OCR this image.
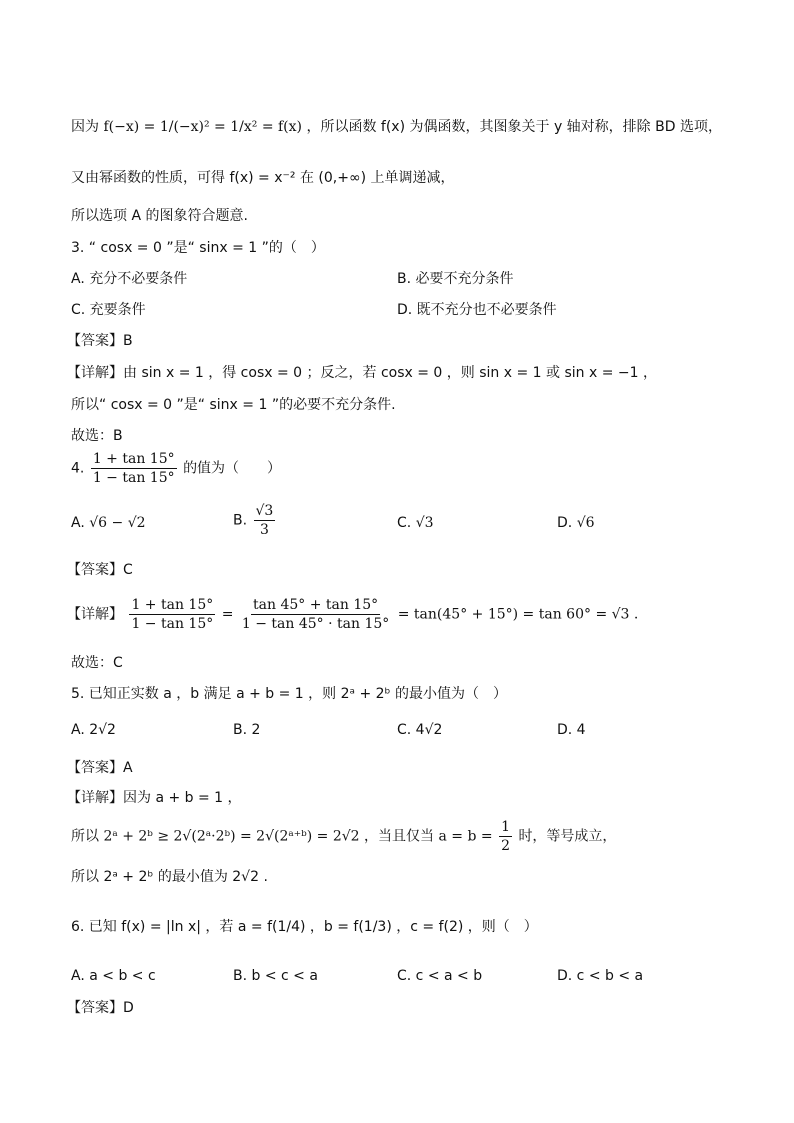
因为 f(−x) = 1/(−x)² = 1/x² = f(x) ，所以函数 f(x) 为偶函数，其图象关于 y 轴对称，排除 BD 选项，
又由幂函数的性质，可得 f(x) = x⁻² 在 (0,+∞) 上单调递减，
所以选项 A 的图象符合题意.
3. “ cosx = 0 ”是“ sinx = 1 ”的（　）
A. 充分不必要条件	B. 必要不充分条件
C. 充要条件	D. 既不充分也不必要条件
【答案】B
【详解】由 sin x = 1 ，得 cosx = 0 ；反之，若 cosx = 0 ，则 sin x = 1 或 sin x = −1 ，
所以“ cosx = 0 ”是“ sinx = 1 ”的必要不充分条件.
故选：B
4. $\frac{1 + \tan 15^\circ}{1 - \tan 15^\circ}$ 的值为（　　）
A. √6 − √2	B. $\frac{√3}{3}$	C. √3	D. √6
【答案】C
【详解】 $\frac{1 + \tan 15^\circ}{1 - \tan 15^\circ} = \frac{\tan 45^\circ + \tan 15^\circ}{1 - \tan 45^\circ \cdot \tan 15^\circ} = \tan(45^\circ + 15^\circ) = \tan 60^\circ = √3$ .
故选：C
5. 已知正实数 a ，b 满足 a + b = 1 ，则 2ᵃ + 2ᵇ 的最小值为（　）
A. 2√2	B. 2	C. 4√2	D. 4
【答案】A
【详解】因为 a + b = 1 ，
所以 2ᵃ + 2ᵇ ≥ 2√(2ᵃ·2ᵇ) = 2√(2ᵃ⁺ᵇ) = 2√2 ，当且仅当 $a = b = \frac{1}{2}$ 时，等号成立，
所以 2ᵃ + 2ᵇ 的最小值为 2√2 .
6. 已知 f(x) = |ln x| ，若 a = f(1/4) ，b = f(1/3) ，c = f(2) ，则（　）
A. a < b < c	B. b < c < a	C. c < a < b	D. c < b < a
【答案】D
